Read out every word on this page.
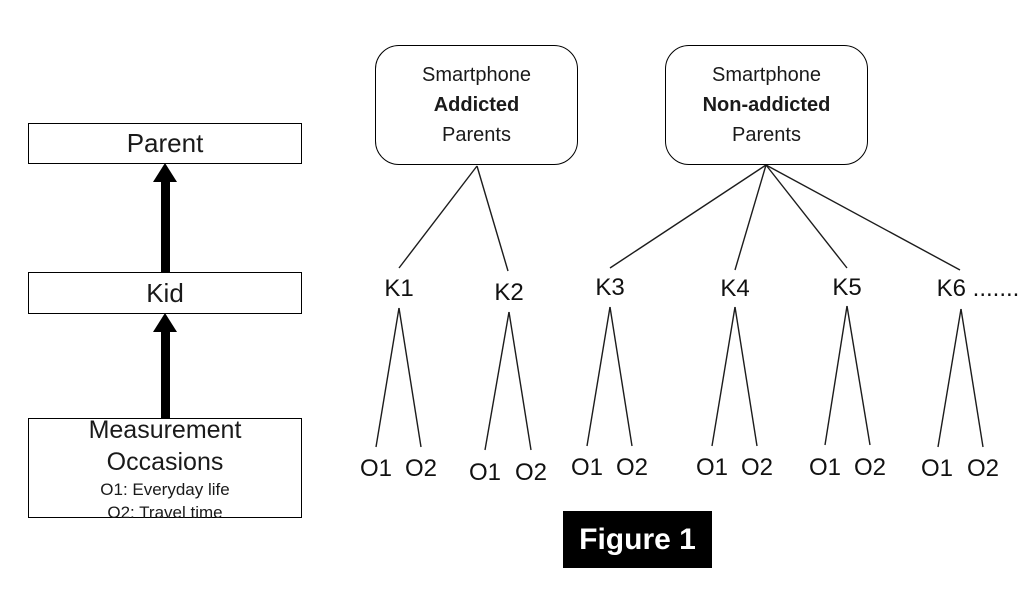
Parent
Kid
Measurement Occasions
O1: Everyday life
O2: Travel time
Smartphone
Addicted
Parents
Smartphone
Non-addicted
Parents
K1	K2	K3	K4	K5	K6 .......
O1 O2 O1 O2 O1 O2 O1 O2 O1 O2 O1 O2
Figure 1
